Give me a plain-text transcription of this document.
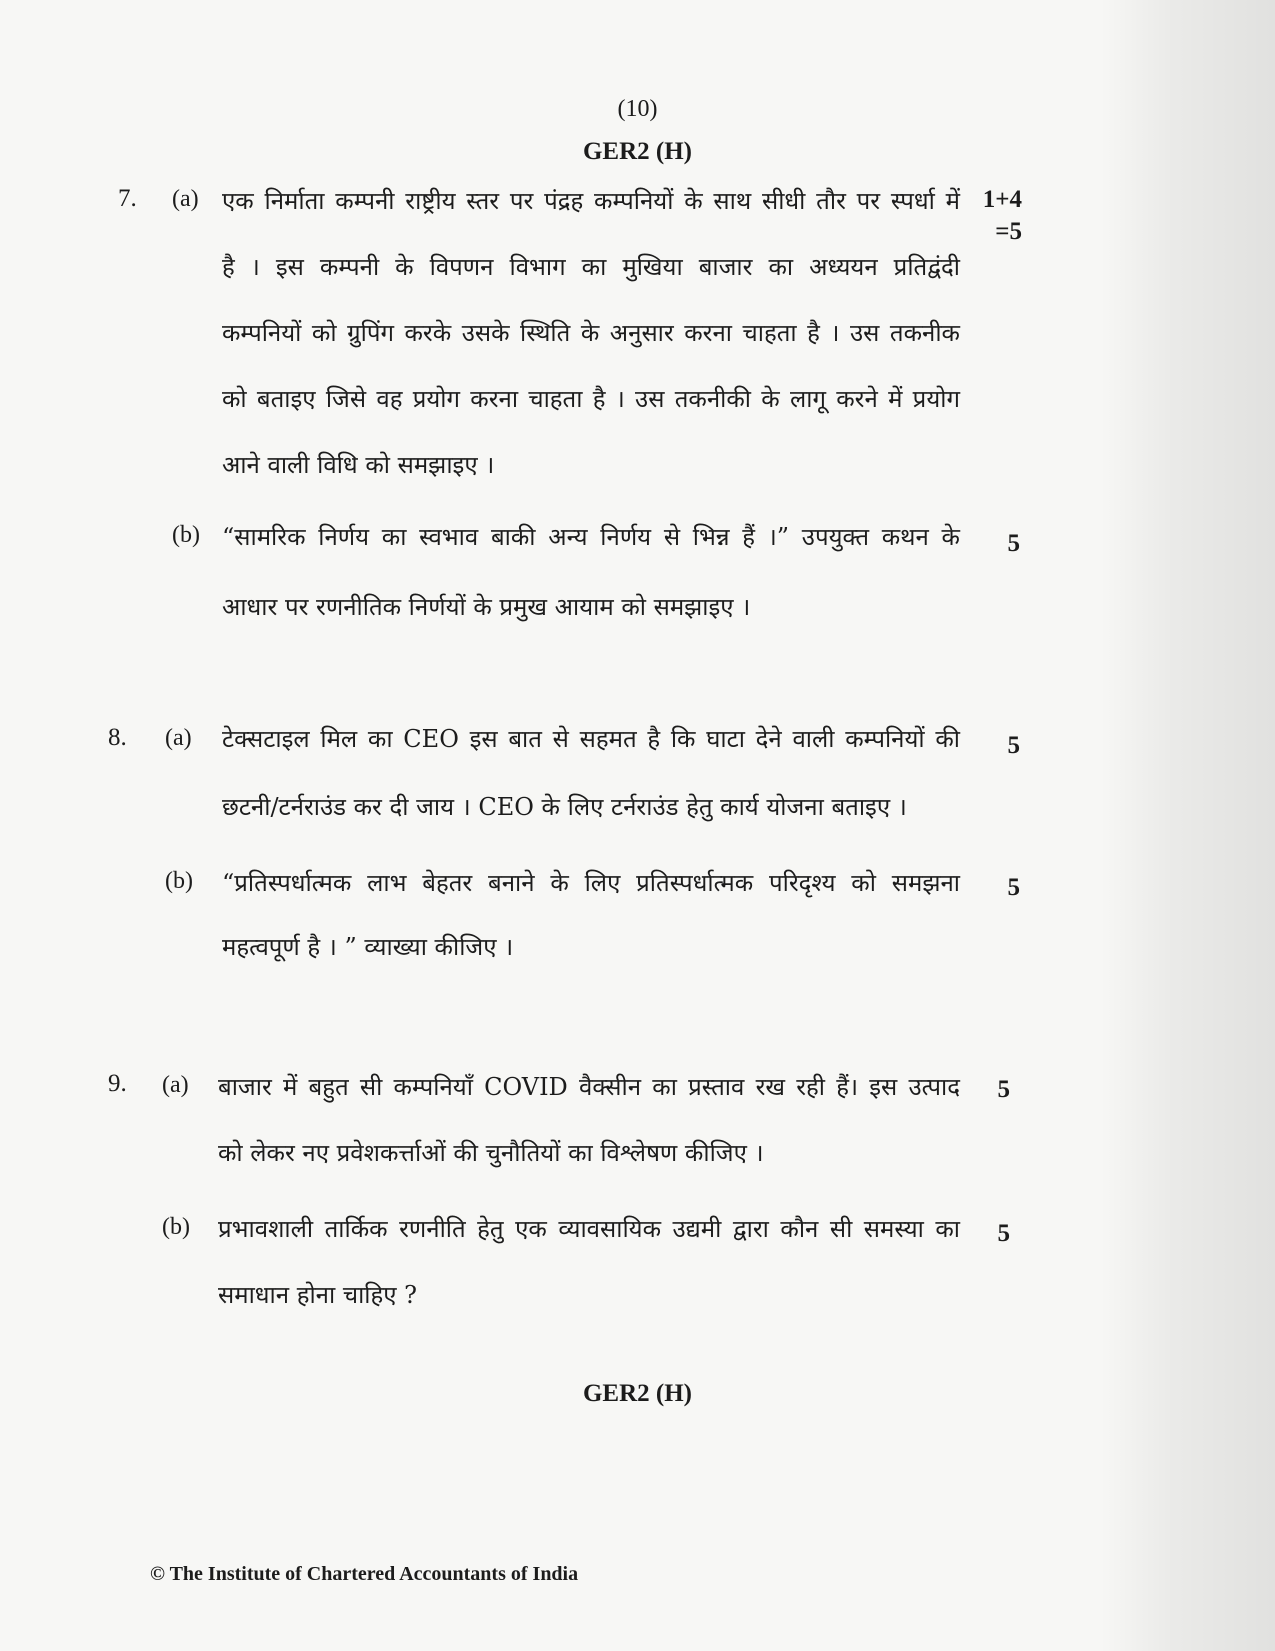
(10)
GER2 (H)
7. (a) एक निर्माता कम्पनी राष्ट्रीय स्तर पर पंद्रह कम्पनियों के साथ सीधी तौर पर स्पर्धा में
है । इस कम्पनी के विपणन विभाग का मुखिया बाजार का अध्ययन प्रतिद्वंदी
कम्पनियों को ग्रुपिंग करके उसके स्थिति के अनुसार करना चाहता है । उस तकनीक
को बताइए जिसे वह प्रयोग करना चाहता है । उस तकनीकी के लागू करने में प्रयोग
आने वाली विधि को समझाइए ।
1+4
=5
(b) “सामरिक निर्णय का स्वभाव बाकी अन्य निर्णय से भिन्न हैं ।” उपयुक्त कथन के
आधार पर रणनीतिक निर्णयों के प्रमुख आयाम को समझाइए ।
5
8. (a) टेक्सटाइल मिल का CEO इस बात से सहमत है कि घाटा देने वाली कम्पनियों की
छटनी/टर्नराउंड कर दी जाय । CEO के लिए टर्नराउंड हेतु कार्य योजना बताइए ।
5
(b) “प्रतिस्पर्धात्मक लाभ बेहतर बनाने के लिए प्रतिस्पर्धात्मक परिदृश्य को समझना
महत्वपूर्ण है । ” व्याख्या कीजिए ।
5
9. (a) बाजार में बहुत सी कम्पनियाँ COVID वैक्सीन का प्रस्ताव रख रही हैं। इस उत्पाद
को लेकर नए प्रवेशकर्त्ताओं की चुनौतियों का विश्लेषण कीजिए ।
5
(b) प्रभावशाली तार्किक रणनीति हेतु एक व्यावसायिक उद्यमी द्वारा कौन सी समस्या का
समाधान होना चाहिए ?
5
GER2 (H)
© The Institute of Chartered Accountants of India
